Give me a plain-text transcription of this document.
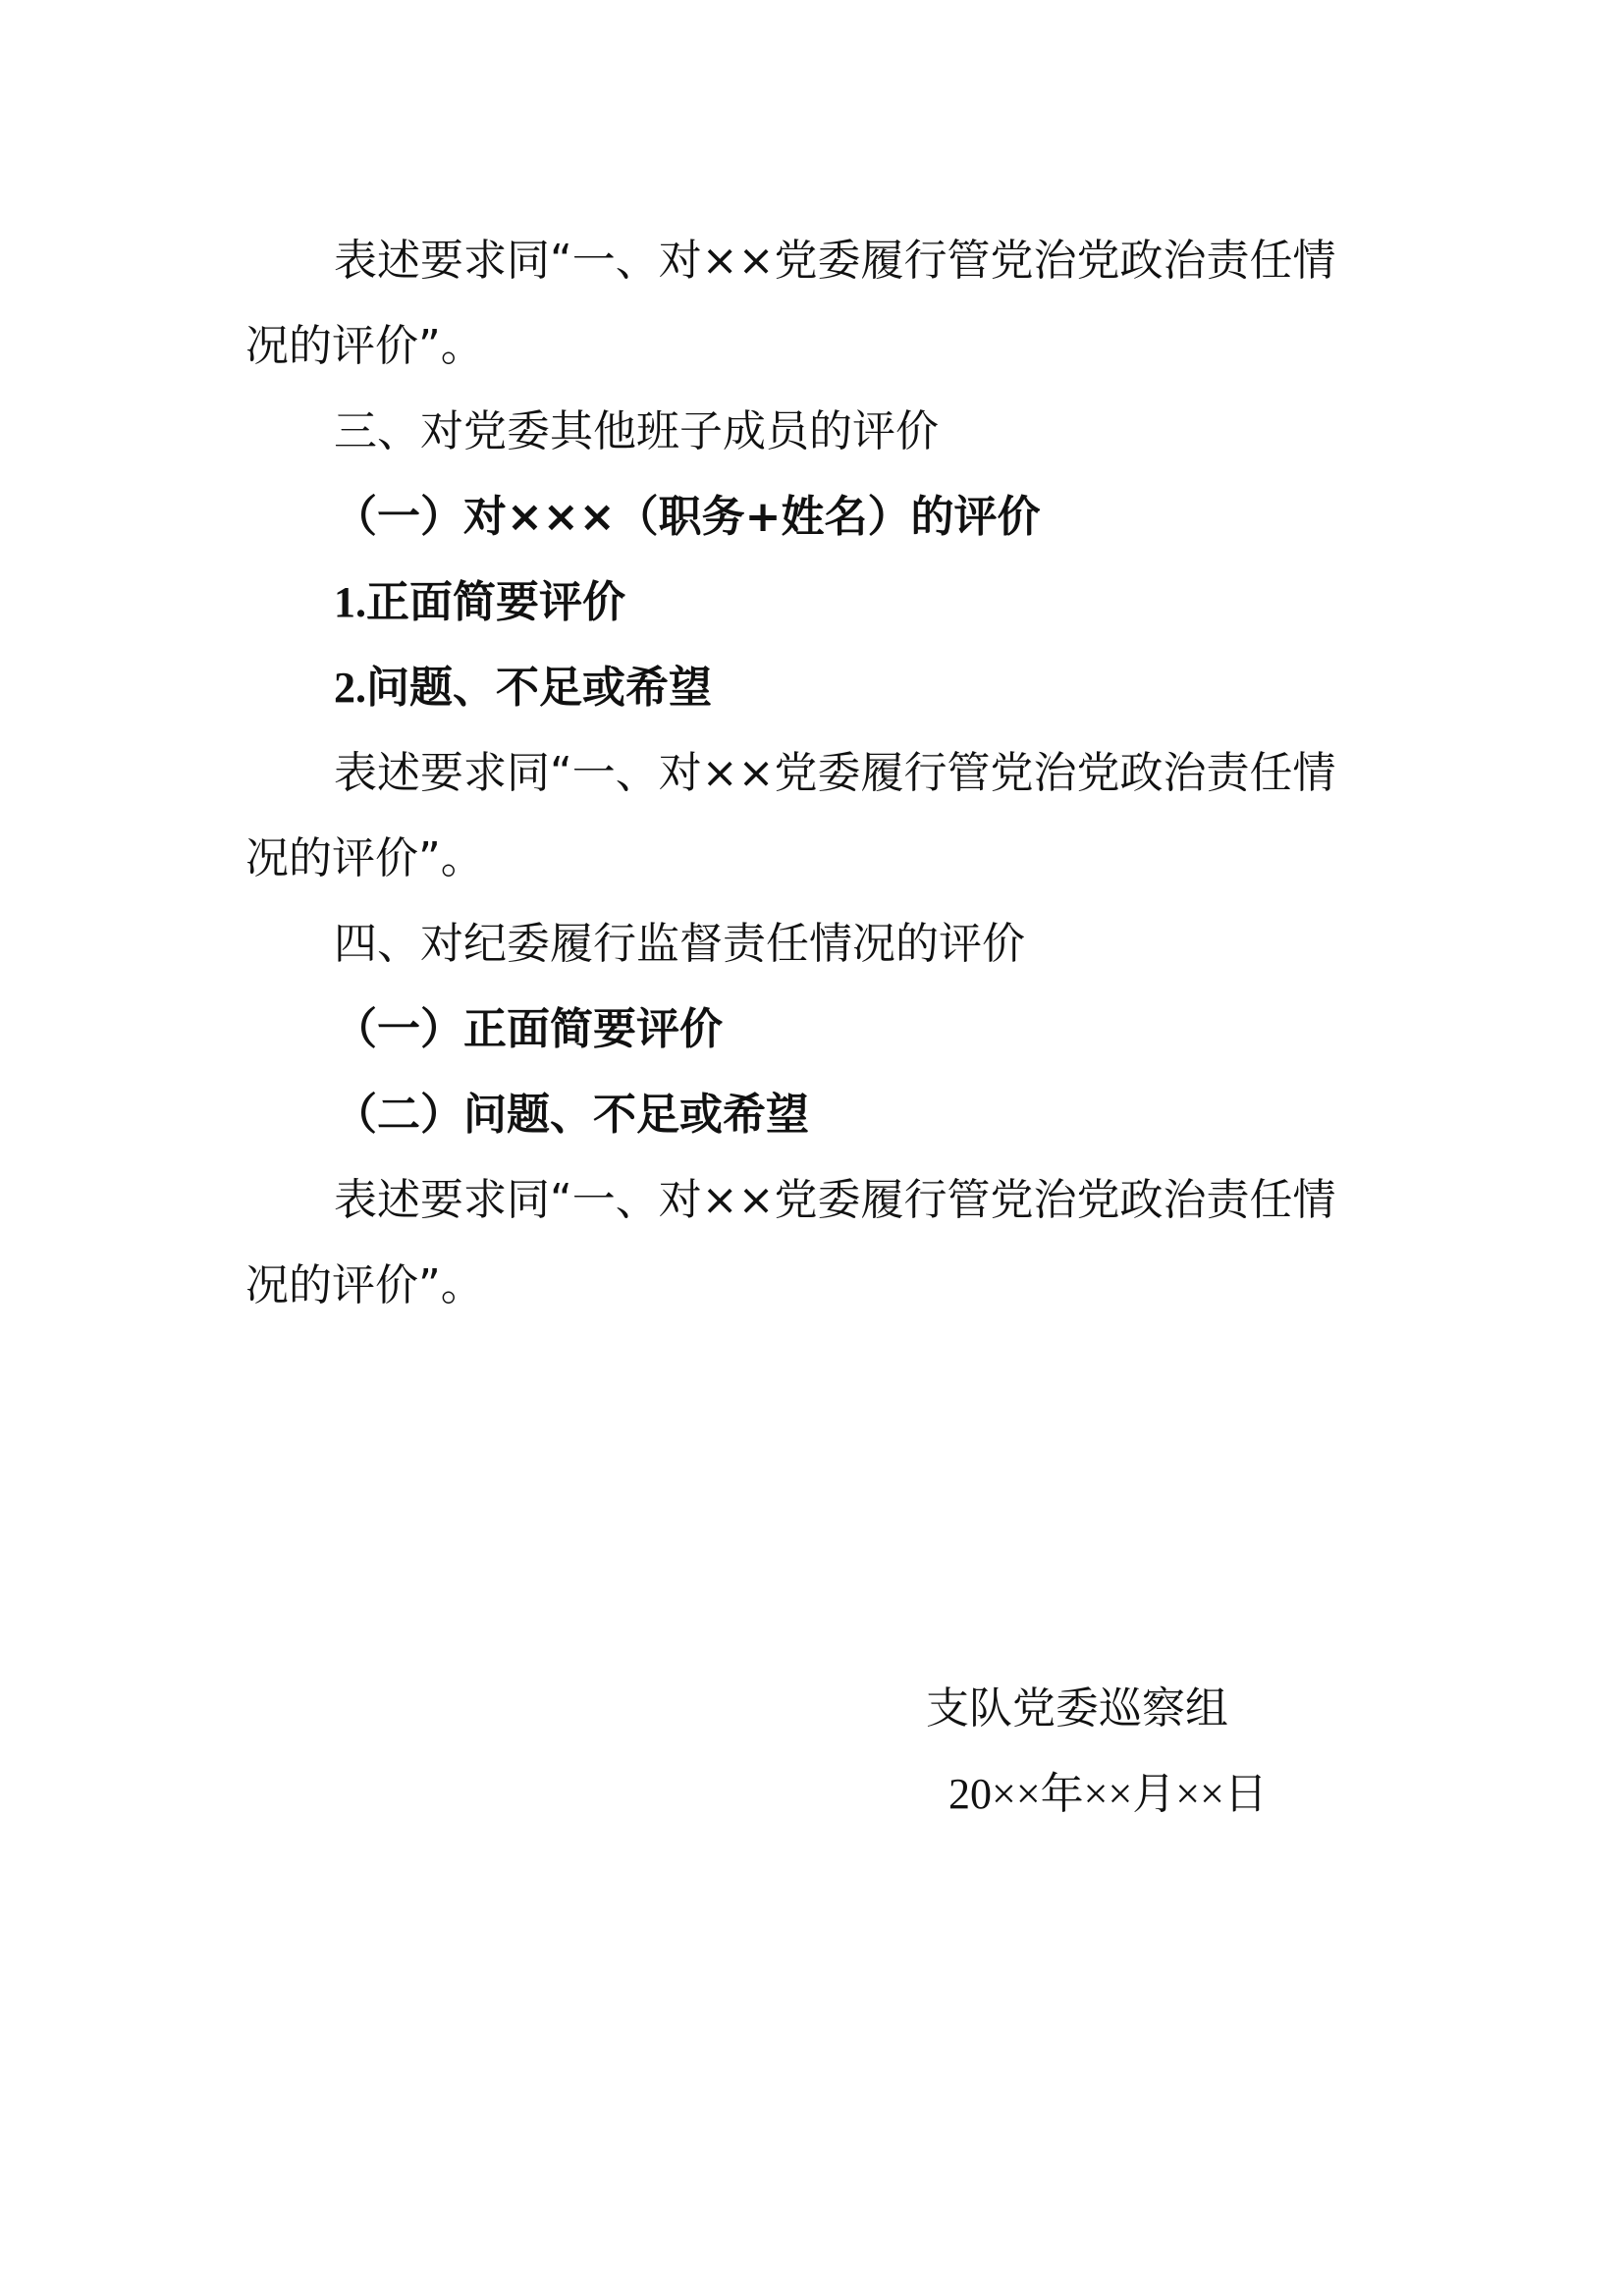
表述要求同“一、对××党委履行管党治党政治责任情

况的评价”。

三、对党委其他班子成员的评价

（一）对×××（职务+姓名）的评价

1.正面简要评价

2.问题、不足或希望

表述要求同“一、对××党委履行管党治党政治责任情

况的评价”。

四、对纪委履行监督责任情况的评价

（一）正面简要评价

（二）问题、不足或希望

表述要求同“一、对××党委履行管党治党政治责任情

况的评价”。

支队党委巡察组
20××年××月××日
